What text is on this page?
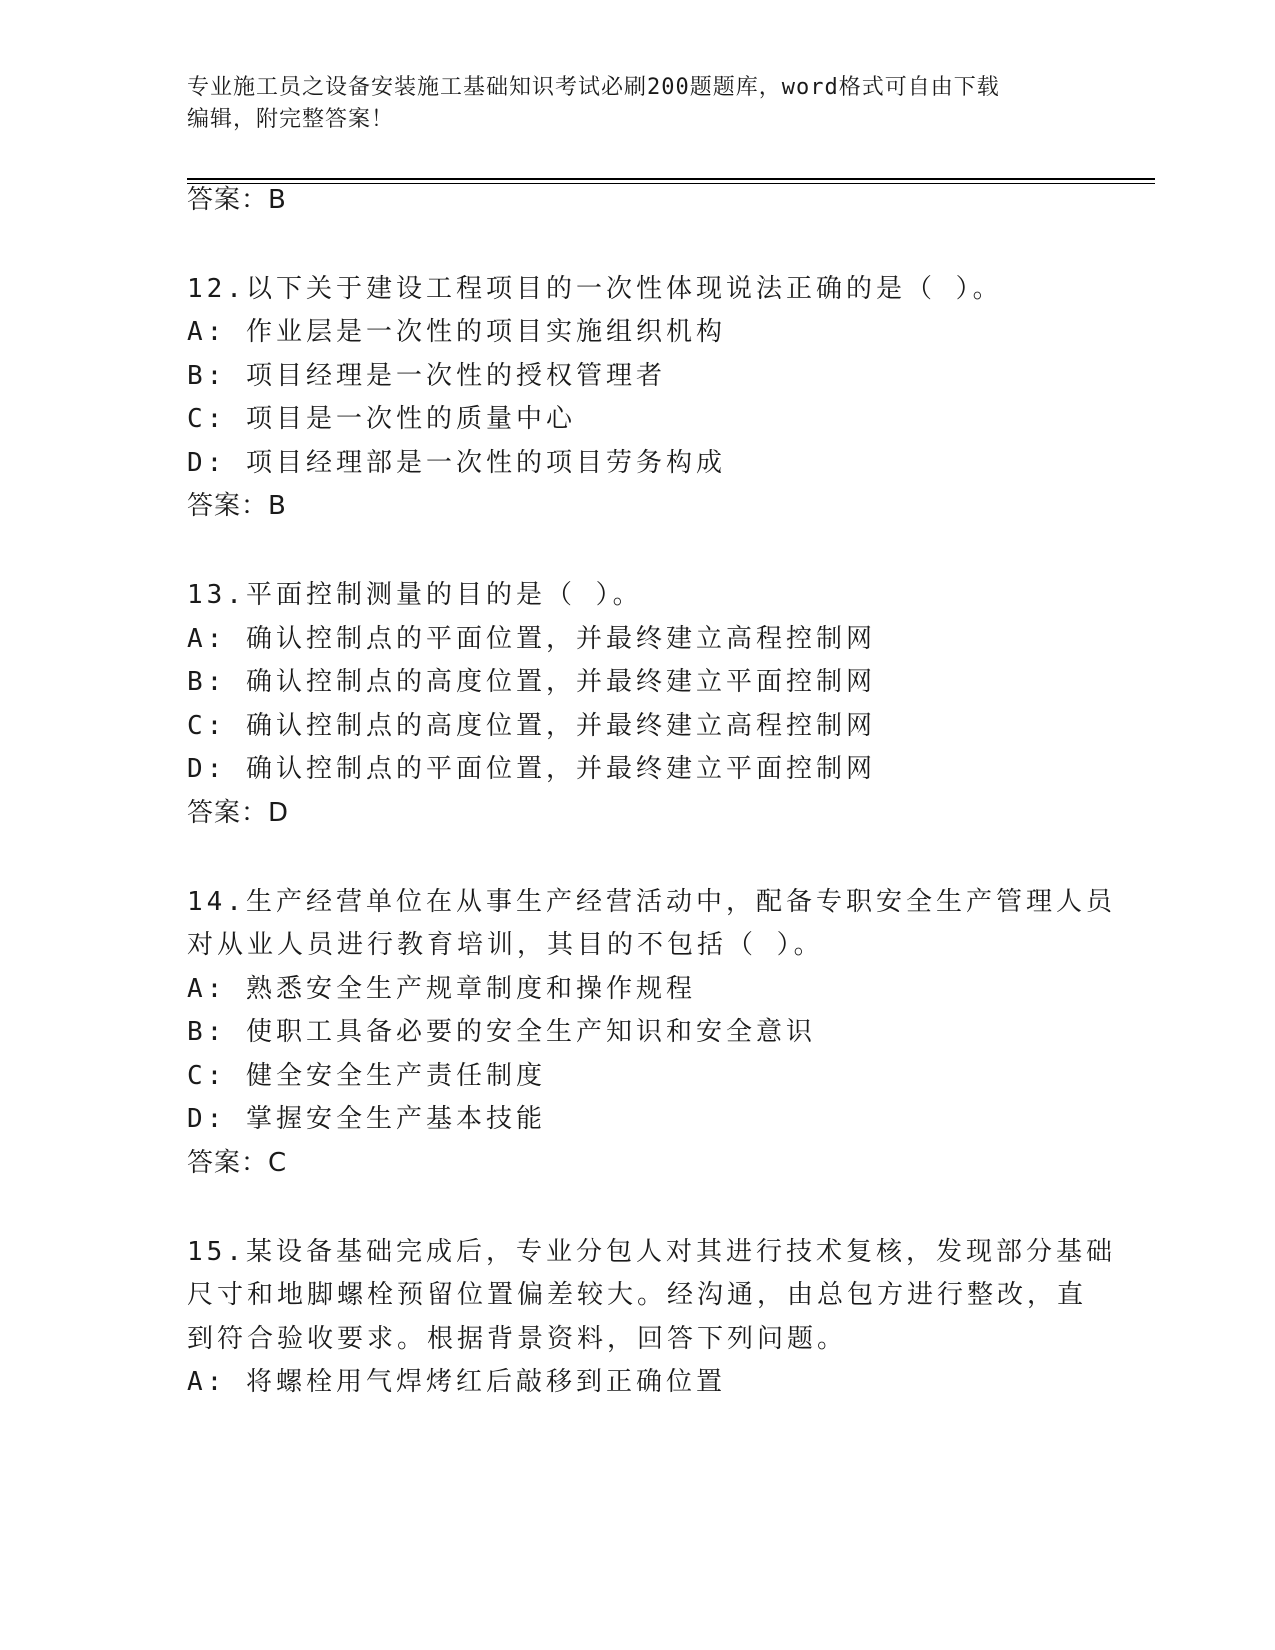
专业施工员之设备安装施工基础知识考试必刷200题题库，word格式可自由下载
编辑，附完整答案！
答案：B
12.以下关于建设工程项目的一次性体现说法正确的是（ ）。
A: 作业层是一次性的项目实施组织机构
B: 项目经理是一次性的授权管理者
C: 项目是一次性的质量中心
D: 项目经理部是一次性的项目劳务构成
答案：B
13.平面控制测量的目的是（ ）。
A: 确认控制点的平面位置，并最终建立高程控制网
B: 确认控制点的高度位置，并最终建立平面控制网
C: 确认控制点的高度位置，并最终建立高程控制网
D: 确认控制点的平面位置，并最终建立平面控制网
答案：D
14.生产经营单位在从事生产经营活动中，配备专职安全生产管理人员
对从业人员进行教育培训，其目的不包括（ ）。
A: 熟悉安全生产规章制度和操作规程
B: 使职工具备必要的安全生产知识和安全意识
C: 健全安全生产责任制度
D: 掌握安全生产基本技能
答案：C
15.某设备基础完成后，专业分包人对其进行技术复核，发现部分基础
尺寸和地脚螺栓预留位置偏差较大。经沟通，由总包方进行整改，直
到符合验收要求。根据背景资料，回答下列问题。
A: 将螺栓用气焊烤红后敲移到正确位置
